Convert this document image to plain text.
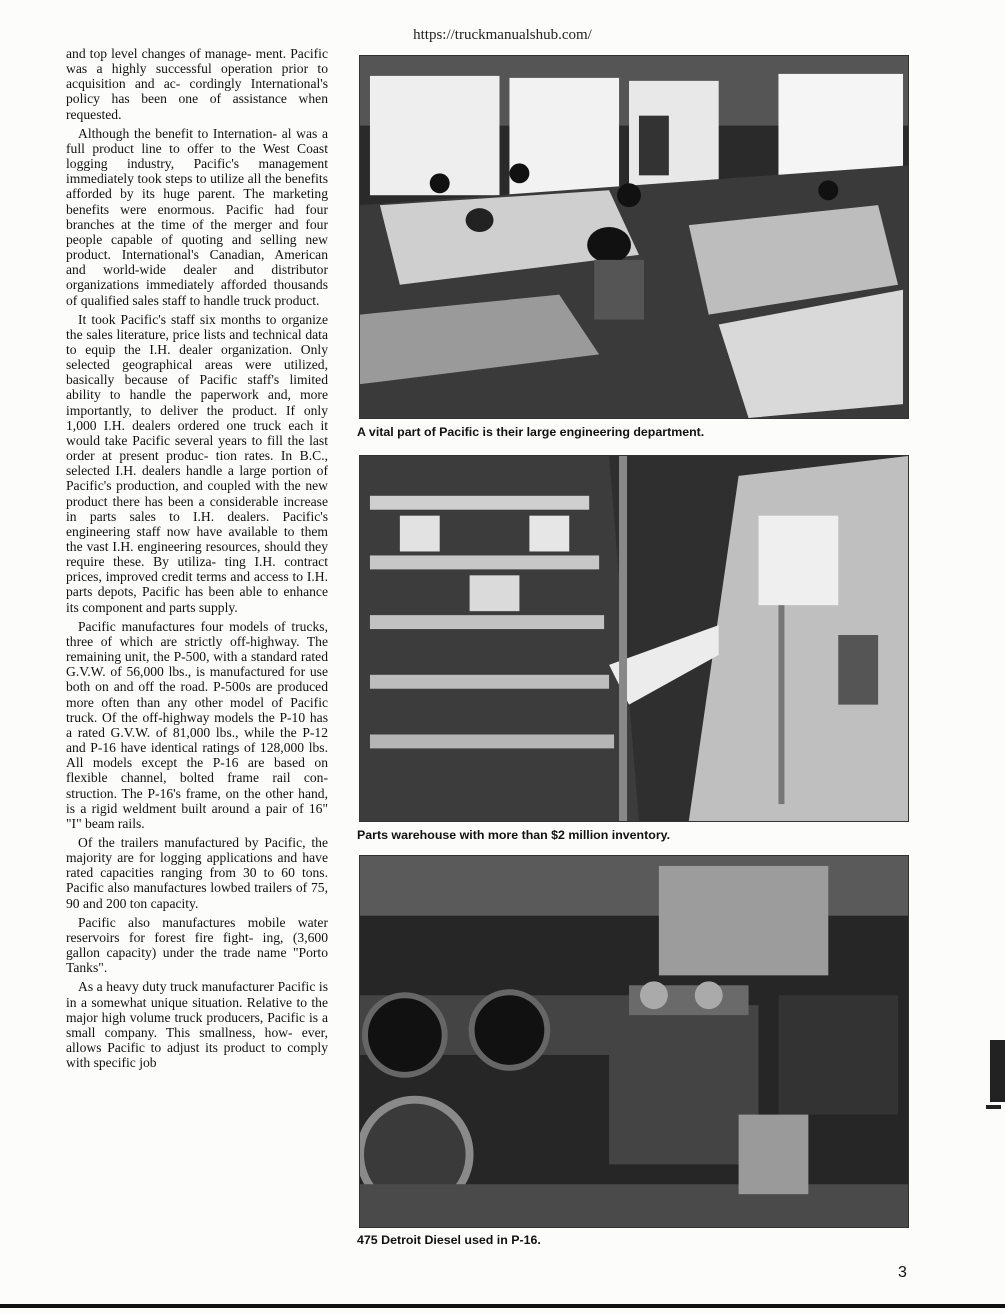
https://truckmanualshub.com/

and top level changes of manage- ment. Pacific was a highly successful operation prior to acquisition and ac- cordingly International's policy has been one of assistance when requested.

Although the benefit to Internation- al was a full product line to offer to the West Coast logging industry, Pacific's management immediately took steps to utilize all the benefits afforded by its huge parent. The marketing benefits were enormous. Pacific had four branches at the time of the merger and four people capable of quoting and selling new product. International's Canadian, American and world-wide dealer and distributor organizations immediately afforded thousands of qualified sales staff to handle truck product.

It took Pacific's staff six months to organize the sales literature, price lists and technical data to equip the I.H. dealer organization. Only selected geographical areas were utilized, basically because of Pacific staff's limited ability to handle the paperwork and, more importantly, to deliver the product. If only 1,000 I.H. dealers ordered one truck each it would take Pacific several years to fill the last order at present produc- tion rates. In B.C., selected I.H. dealers handle a large portion of Pacific's production, and coupled with the new product there has been a considerable increase in parts sales to I.H. dealers. Pacific's engineering staff now have available to them the vast I.H. engineering resources, should they require these. By utiliza- ting I.H. contract prices, improved credit terms and access to I.H. parts depots, Pacific has been able to enhance its component and parts supply.

Pacific manufactures four models of trucks, three of which are strictly off-highway. The remaining unit, the P-500, with a standard rated G.V.W. of 56,000 lbs., is manufactured for use both on and off the road. P-500s are produced more often than any other model of Pacific truck. Of the off-highway models the P-10 has a rated G.V.W. of 81,000 lbs., while the P-12 and P-16 have identical ratings of 128,000 lbs. All models except the P-16 are based on flexible channel, bolted frame rail con- struction. The P-16's frame, on the other hand, is a rigid weldment built around a pair of 16" "I" beam rails.

Of the trailers manufactured by Pacific, the majority are for logging applications and have rated capacities ranging from 30 to 60 tons. Pacific also manufactures lowbed trailers of 75, 90 and 200 ton capacity.

Pacific also manufactures mobile water reservoirs for forest fire fight- ing, (3,600 gallon capacity) under the trade name "Porto Tanks".

As a heavy duty truck manufacturer Pacific is in a somewhat unique situation. Relative to the major high volume truck producers, Pacific is a small company. This smallness, how- ever, allows Pacific to adjust its product to comply with specific job

A vital part of Pacific is their large engineering department.
Parts warehouse with more than $2 million inventory.
475 Detroit Diesel used in P-16.
3
